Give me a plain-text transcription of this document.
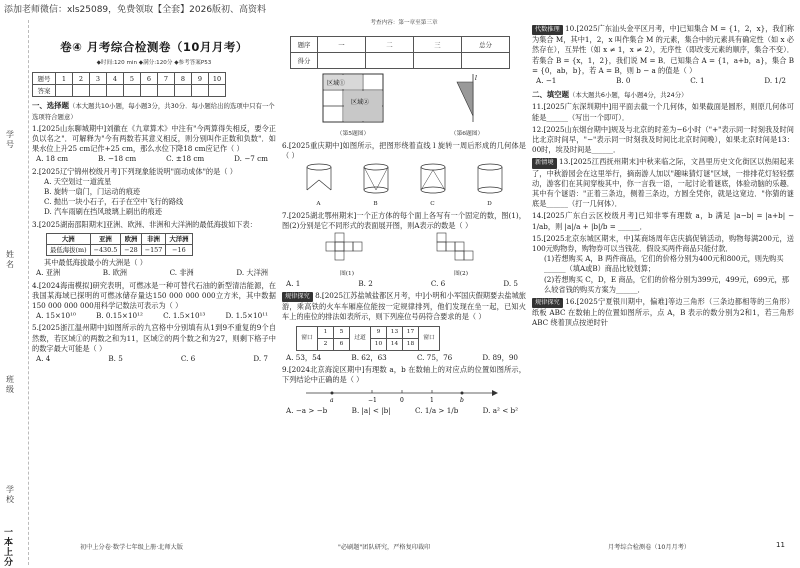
添加老师微信：xls25089，免费领取【全套】2026版初、高资料
学号
姓名
班级
学校
一本上分
卷④ 月考综合检测卷（10月月考）
◆时间:120 min ◆满分:120分 ◆参考答案P53
题号	1	2	3	4	5	6	7	8	9	10
答案										
一、选择题（本大题共10小题，每小题3分，共30分．每小题给出的选项中只有一个选项符合题意）
1.[2025山东聊城期中]刘徽在《九章算术》中注有"今两算得失相反，要令正负以名之"．可解释为"今有两数若其意义相反，则分别叫作正数和负数"．如果水位上升25 cm记作+25 cm，那么水位下降18 cm应记作（ ）
A. 18 cm	B. −18 cm	C. ±18 cm	D. −7 cm
2.[2025辽宁锦州校级月考]下列现象能说明"面动成体"的是（ ）
A. 天空划过一道流星
B. 旋转一扇门，门运动的痕迹
C. 抛出一块小石子，石子在空中飞行的路线
D. 汽车雨刷在挡风玻璃上刷出的痕迹
3.[2025湖南邵阳期末]亚洲、欧洲、非洲和大洋洲的最低海拔如下表：
大洲	亚洲	欧洲	非洲	大洋洲
最低海拔(m)	−430.5	−28	−157	−16
其中最低海拔最小的大洲是（ ）
A. 亚洲	B. 欧洲	C. 非洲	D. 大洋洲
4.[2024海南模拟]研究表明，可燃冰是一种可替代石油的新型清洁能源，在我国某海域已探明的可燃冰储存量达150 000 000 000立方米，其中数据150 000 000 000用科学记数法可表示为（ ）
A. 15×10¹⁰	B. 0.15×10¹²	C. 1.5×10¹³	D. 1.5×10¹¹
5.[2025浙江温州期中]如图所示的九宫格中分别填有从1到9不重复的9个自然数，若区域①的两数之和为11，区域②的两个数之和为27，则剩下格子中的数字最大可能是（ ）
A. 4	B. 5	C. 6	D. 7
考查内容：第一章至第三章
题序	一	二	三	总分
得分				
区域①
区域②
（第5题图）
l
（第6题图）
6.[2025重庆期中]如图所示，把图形绕着直线 l 旋转一周后形成的几何体是（ ）
A	B	C	D
7.[2025湖北鄂州期末]一个正方体的每个面上各写有一个固定的数，图(1)，图(2)分别是它不同形式的表面展开图，则A表示的数是（ ）
图(1)	图(2)
A. 1	B. 2	C. 6	D. 5
规律探究 8.[2025江苏盐城盐都区月考，中]小明和小军国庆假期要去盐城旅游，乘高铁的火车车厢座位能按一定规律排列，他们发现在坐一起，已知火车上的座位的排法如表所示，则下列座位号码符合要求的是（ ）
窗口	1	5	过道	9	13	17	窗口
	2	6		10	14	18	
A. 53，54	B. 62，63	C. 75，76	D. 89，90
9.[2024北京海淀区期中]有理数 a，b 在数轴上的对应点的位置如图所示，下列结论中正确的是（ ）
a	−1	0	1	b
A. −a > −b	B. |a| < |b|	C. 1/a > 1/b	D. a² < b²
代数推理 10.[2025广东汕头金平区月考，中]已知集合 M = {1，2，x}，我们称为集合 M，其中1，2，x 叫作集合 M 的元素，集合中的元素具有确定性（如 x 必然存在），互异性（如 x ≠ 1，x ≠ 2），无序性（即改变元素的顺序，集合不变）．若集合 B = {x，1，2}，我们说 M = B．已知集合 A = {1，a+b，a}，集合 B = {0，ab，b}，若 A = B，则 b − a 的值是（ ）
A. −1	B. 0	C. 1	D. 1/2
二、填空题（本大题共6小题，每小题4分，共24分）
11.[2025广东深圳期中]用平面去截一个几何体，如果截面是圆形，则原几何体可能是______（写出一个即可）．
12.[2025山东烟台期中]规及与北京的时差为−6小时（"+"表示同一时刻我及时间比北京时间早，"−"表示同一时刻我及时间比北京时间晚），如果北京时间是13：00时，埃及时间是______．
新情境 13.[2025江西抚州期末]中秋来临之际，文昌里历史文化街区以热闹起来了，中秋游园会在这里举行，摘南游人加以"趣味猜灯谜"区域，一排排花灯轻轻摆动，游客们在其间穿梭其中，你一言我一语，一起讨论着谜底，体验动脑的乐趣．其中有个谜语："正着三条边，侧着三条边，方圆全凭你，就是这宽边．"你猜的谜底是______（打一几何体）．
14.[2025广东白云区校级月考]已知非零有理数 a，b 满足 |a−b| = |a+b| − 1/ab，则 |a|/a + |b|/b = ______．
15.[2025北京东城区期末，中]某商场周年店庆搞促销活动，购物每满200元，送100元购物券，购物券可以当钱花．假设买两件商品只能付款．
(1)若想购买 A，B 两件商品，它们的价格分别为400元和800元，则先购买______（填A或B）商品比较划算；
(2)若想购买 C，D，E 商品，它们的价格分别为399元，499元，699元，那么较省钱的购买方案为______．
规律探究 16.[2025宁夏银川期中，偏难]等边三角形（三条边都相等的三角形）纸板 ABC 在数轴上的位置如图所示，点 A，B 表示的数分别为2和1，若三角形 ABC 绕着顶点按逆时针
初中上分卷·数学七年级上册·北师大版	"必刷题"团队研究，严格复印裁印	月考综合检测卷（10月月考）	11
